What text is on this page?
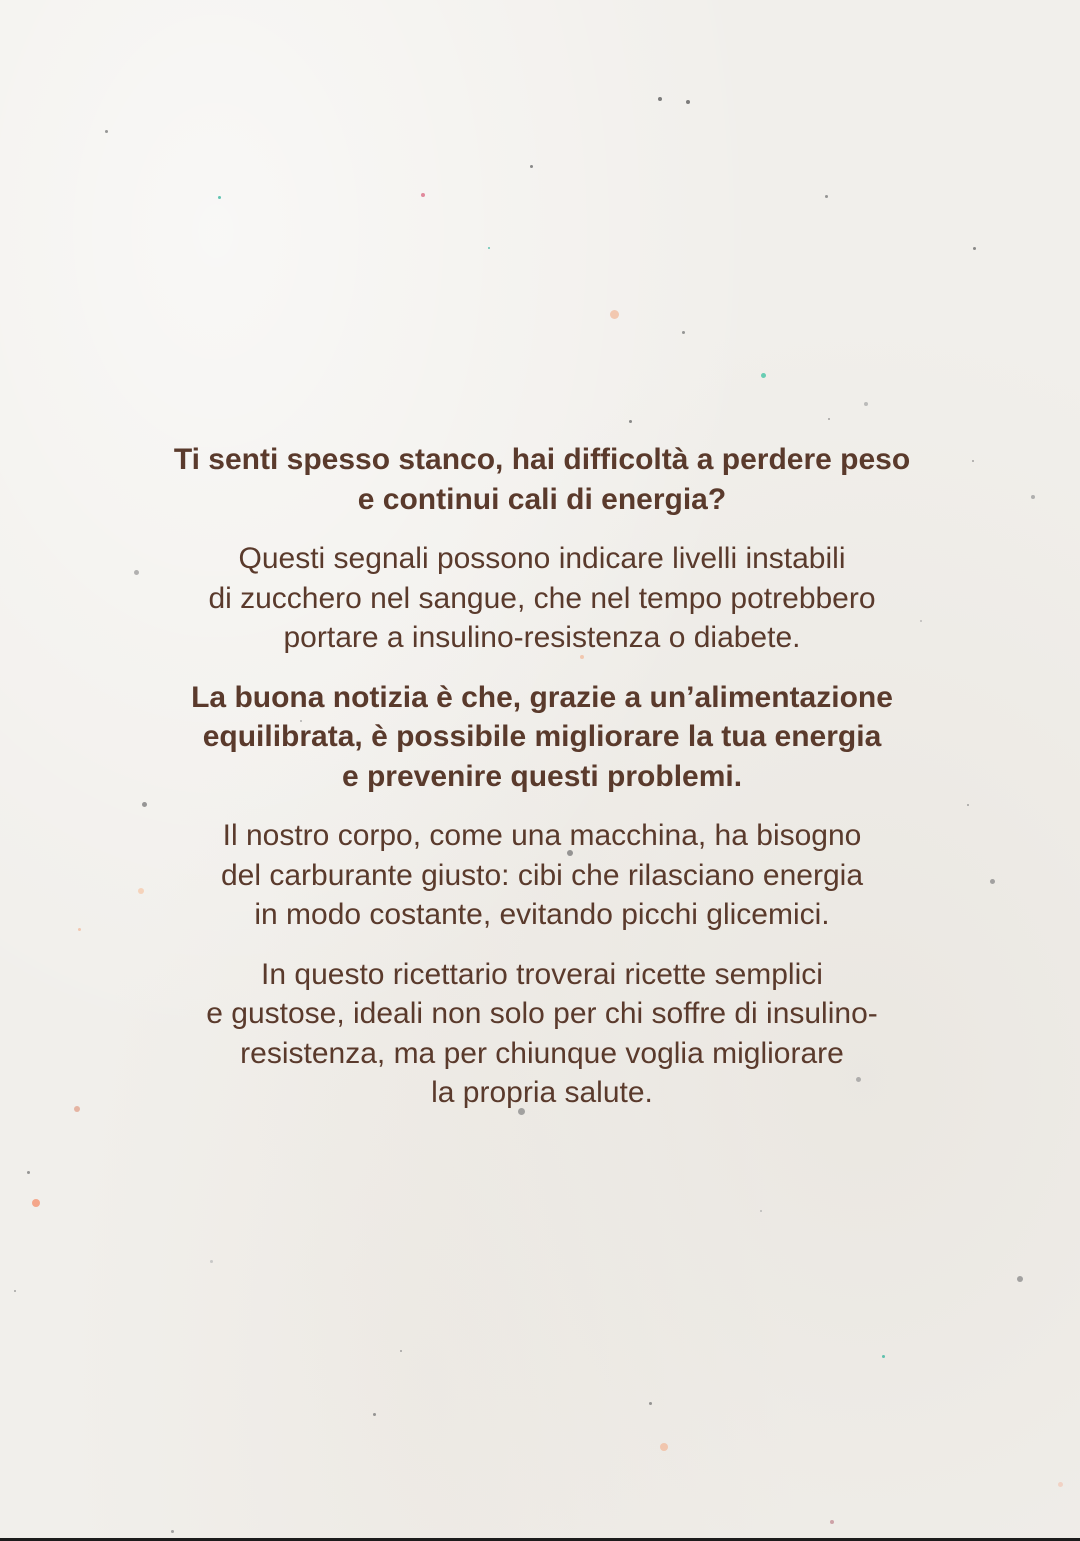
Ti senti spesso stanco, hai difficoltà a perdere peso
e continui cali di energia?

Questi segnali possono indicare livelli instabili
di zucchero nel sangue, che nel tempo potrebbero
portare a insulino-resistenza o diabete.

La buona notizia è che, grazie a un’alimentazione
equilibrata, è possibile migliorare la tua energia
e prevenire questi problemi.

Il nostro corpo, come una macchina, ha bisogno
del carburante giusto: cibi che rilasciano energia
in modo costante, evitando picchi glicemici.

In questo ricettario troverai ricette semplici
e gustose, ideali non solo per chi soffre di insulino-
resistenza, ma per chiunque voglia migliorare
la propria salute.
